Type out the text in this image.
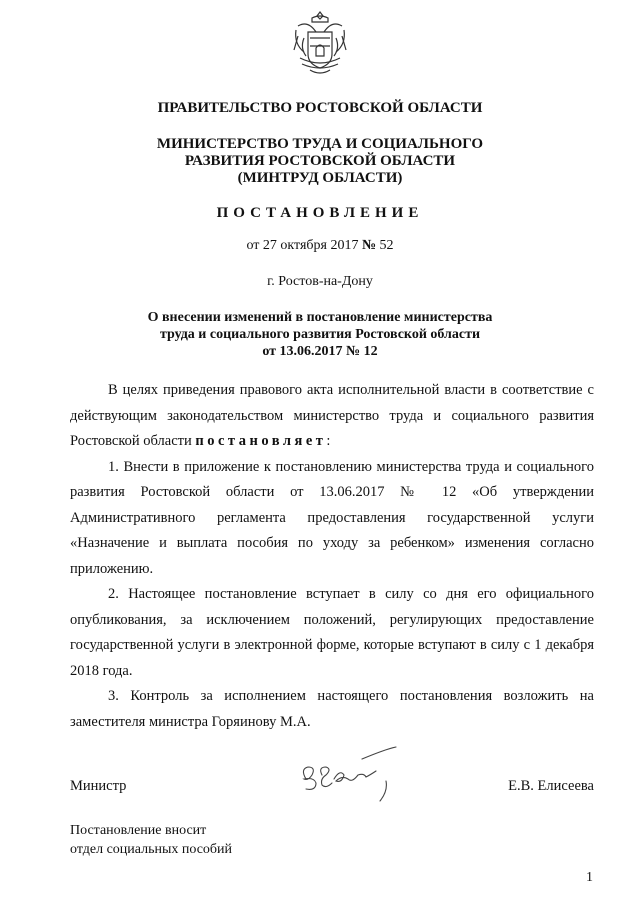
ПРАВИТЕЛЬСТВО РОСТОВСКОЙ ОБЛАСТИ
МИНИСТЕРСТВО ТРУДА И СОЦИАЛЬНОГО
РАЗВИТИЯ РОСТОВСКОЙ ОБЛАСТИ
(МИНТРУД ОБЛАСТИ)
ПОСТАНОВЛЕНИЕ
от 27 октября 2017 № 52
г. Ростов-на-Дону
О внесении изменений в постановление министерства
труда и социального развития Ростовской области
от 13.06.2017 № 12

В целях приведения правового акта исполнительной власти в соответствие с действующим законодательством министерство труда и социального развития Ростовской области постановляет:

1. Внести в приложение к постановлению министерства труда и социального развития Ростовской области от 13.06.2017 № 12 «Об утверждении Административного регламента предоставления государственной услуги «Назначение и выплата пособия по уходу за ребенком» изменения согласно приложению.

2. Настоящее постановление вступает в силу со дня его официального опубликования, за исключением положений, регулирующих предоставление государственной услуги в электронной форме, которые вступают в силу с 1 декабря 2018 года.

3. Контроль за исполнением настоящего постановления возложить на заместителя министра Горяинову М.А.

Министр	Е.В. Елисеева
Постановление вносит
отдел социальных пособий
1
